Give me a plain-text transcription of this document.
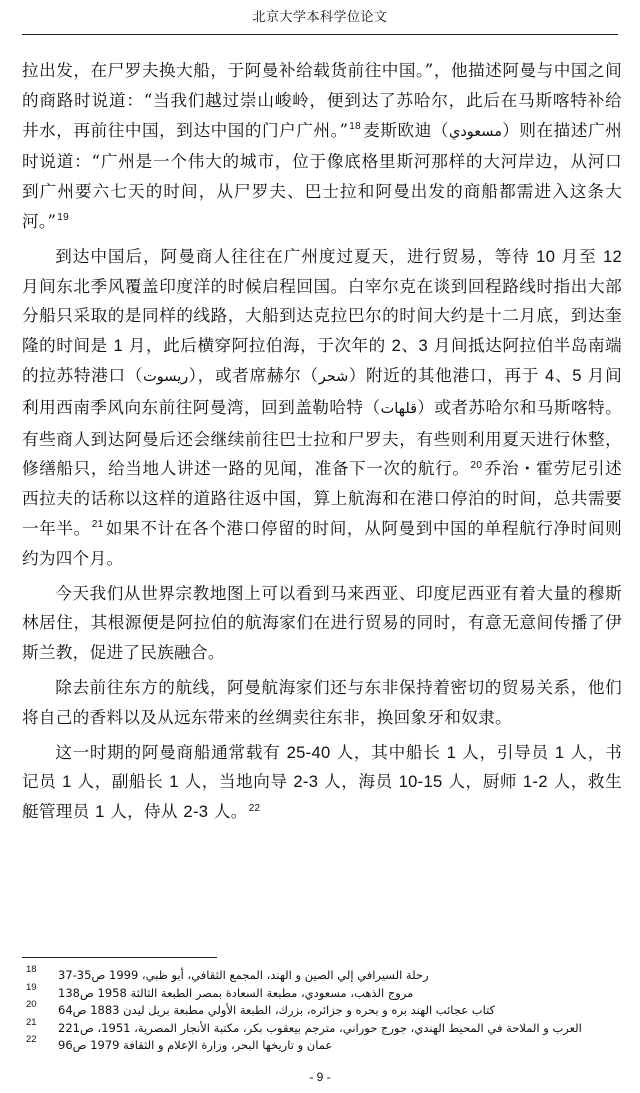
北京大学本科学位论文

拉出发，在尸罗夫换大船，于阿曼补给载货前往中国。”，他描述阿曼与中国之间的商路时说道：“当我们越过崇山峻岭，便到达了苏哈尔，此后在马斯喀特补给井水，再前往中国，到达中国的门户广州。”$^{18}$ 麦斯欧迪（مسعودي）则在描述广州时说道：“广州是一个伟大的城市，位于像底格里斯河那样的大河岸边，从河口到广州要六七天的时间，从尸罗夫、巴士拉和阿曼出发的商船都需进入这条大河。”$^{19}$

到达中国后，阿曼商人往往在广州度过夏天，进行贸易，等待 10 月至 12 月间东北季风覆盖印度洋的时候启程回国。白宰尔克在谈到回程路线时指出大部分船只采取的是同样的线路，大船到达克拉巴尔的时间大约是十二月底，到达奎隆的时间是 1 月，此后横穿阿拉伯海，于次年的 2、3 月间抵达阿拉伯半岛南端的拉苏特港口（ريسوت），或者席赫尔（شحر）附近的其他港口，再于 4、5 月间利用西南季风向东前往阿曼湾，回到盖勒哈特（قلهات）或者苏哈尔和马斯喀特。有些商人到达阿曼后还会继续前往巴士拉和尸罗夫，有些则利用夏天进行休整，修缮船只，给当地人讲述一路的见闻，准备下一次的航行。$^{20}$ 乔治・霍劳尼引述西拉夫的话称以这样的道路往返中国，算上航海和在港口停泊的时间，总共需要一年半。$^{21}$ 如果不计在各个港口停留的时间，从阿曼到中国的单程航行净时间则约为四个月。

今天我们从世界宗教地图上可以看到马来西亚、印度尼西亚有着大量的穆斯林居住，其根源便是阿拉伯的航海家们在进行贸易的同时，有意无意间传播了伊斯兰教，促进了民族融合。

除去前往东方的航线，阿曼航海家们还与东非保持着密切的贸易关系，他们将自己的香料以及从远东带来的丝绸卖往东非，换回象牙和奴隶。

这一时期的阿曼商船通常载有 25-40 人，其中船长 1 人，引导员 1 人，书记员 1 人，副船长 1 人，当地向导 2-3 人，海员 10-15 人，厨师 1-2 人，救生艇管理员 1 人，侍从 2-3 人。$^{22}$

18 رحلة السيرافي إلي الصين و الهند، المجمع الثقافي، أبو ظبي، 1999 ص35-37
19 مروج الذهب، مسعودي، مطبعة السعادة بمصر الطبعة الثالثة 1958 ص138
20 كتاب عجائب الهند بره و بحره و جزائره، بزرك، الطبعة الأولي مطبعة بريل ليدن 1883 ص64
21 العرب و الملاحة في المحيط الهندي، جورج حوراني، مترجم بيعقوب بكر، مكتبة الأنجار المصرية، 1951، ص221
22 عمان و تاريخها البحر، وزارة الإعلام و الثقافة 1979 ص96
- 9 -
